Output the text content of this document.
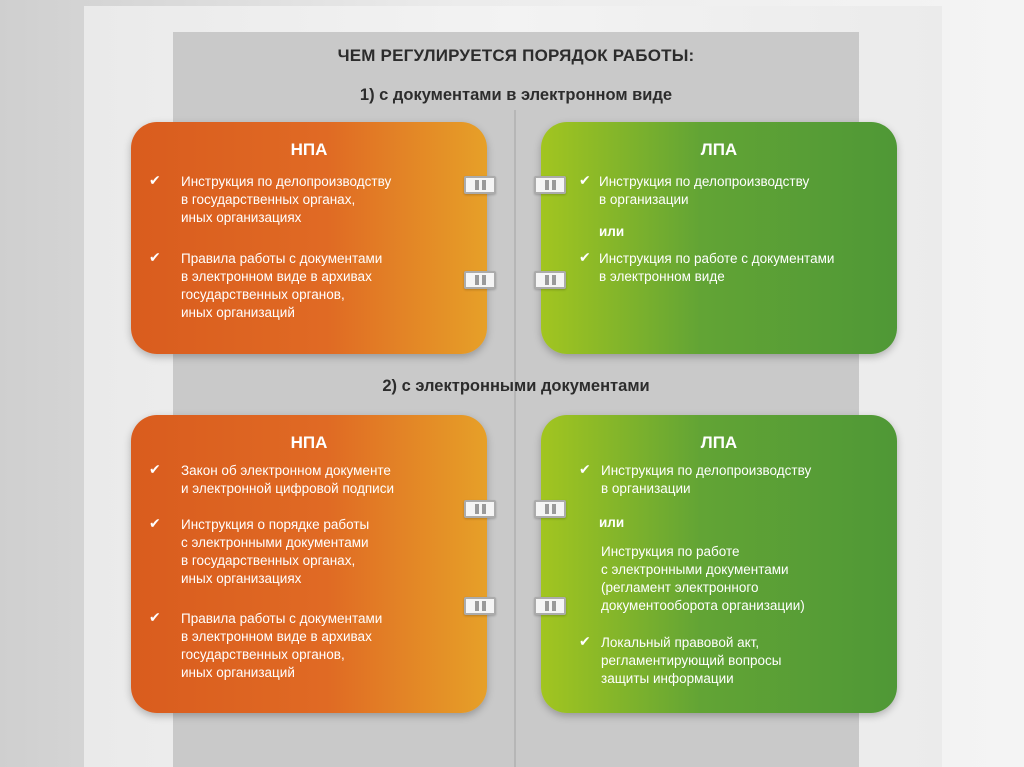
ЧЕМ РЕГУЛИРУЕТСЯ ПОРЯДОК РАБОТЫ:
1) с документами в электронном виде
2) с электронными документами
НПА
✔ Инструкция по делопроизводству
в государственных органах,
иных организациях
✔ Правила работы с документами
в электронном виде в архивах
государственных органов,
иных организаций
ЛПА
✔ Инструкция по делопроизводству
в организации
или
✔ Инструкция по работе с документами
в электронном виде
НПА
✔ Закон об электронном документе
и электронной цифровой подписи
✔ Инструкция о порядке работы
с электронными документами
в государственных органах,
иных организациях
✔ Правила работы с документами
в электронном виде в архивах
государственных органов,
иных организаций
ЛПА
✔ Инструкция по делопроизводству
в организации
или
Инструкция по работе
с электронными документами
(регламент электронного
документооборота организации)
✔ Локальный правовой акт,
регламентирующий вопросы
защиты информации
